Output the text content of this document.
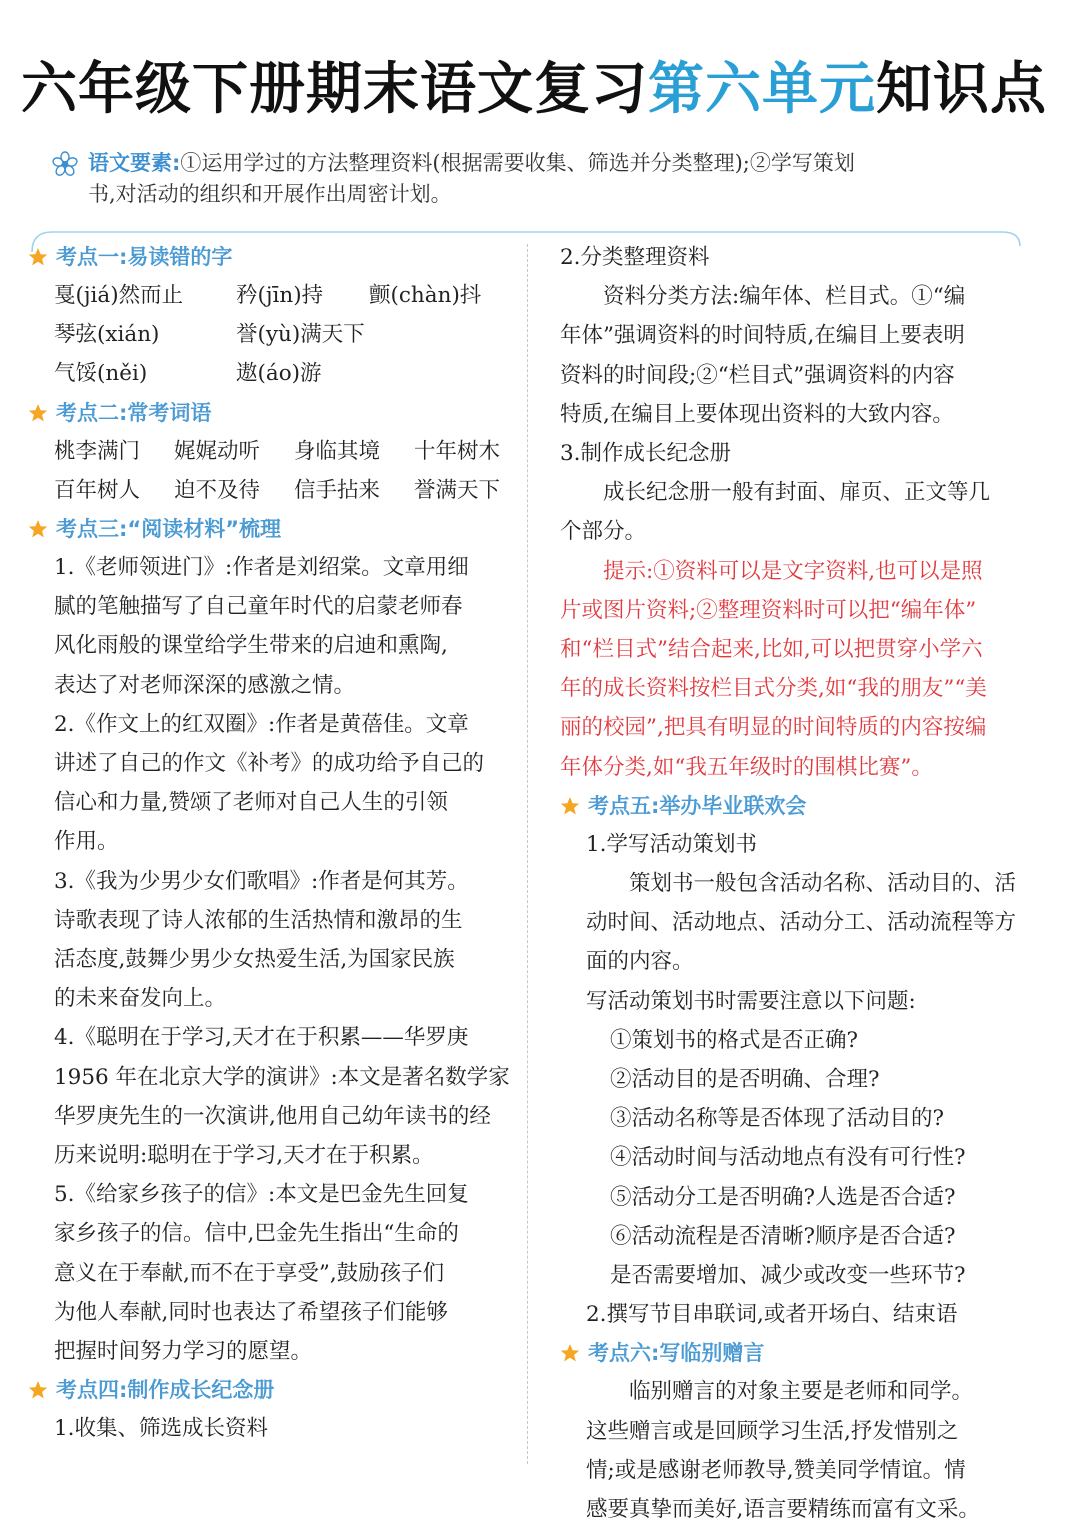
六年级下册期末语文复习第六单元知识点
语文要素:①运用学过的方法整理资料(根据需要收集、筛选并分类整理);②学写策划
书,对活动的组织和开展作出周密计划。
考点一:易读错的字
戛(jiá)然而止	矜(jīn)持	颤(chàn)抖
琴弦(xián)	誉(yù)满天下
气馁(něi)	遨(áo)游
考点二:常考词语
桃李满门	娓娓动听	身临其境	十年树木
百年树人	迫不及待	信手拈来	誉满天下
考点三:“阅读材料”梳理
1.《老师领进门》:作者是刘绍棠。文章用细
腻的笔触描写了自己童年时代的启蒙老师春
风化雨般的课堂给学生带来的启迪和熏陶,
表达了对老师深深的感激之情。
2.《作文上的红双圈》:作者是黄蓓佳。文章
讲述了自己的作文《补考》的成功给予自己的
信心和力量,赞颂了老师对自己人生的引领
作用。
3.《我为少男少女们歌唱》:作者是何其芳。
诗歌表现了诗人浓郁的生活热情和激昂的生
活态度,鼓舞少男少女热爱生活,为国家民族
的未来奋发向上。
4.《聪明在于学习,天才在于积累——华罗庚
1956 年在北京大学的演讲》:本文是著名数学家
华罗庚先生的一次演讲,他用自己幼年读书的经
历来说明:聪明在于学习,天才在于积累。
5.《给家乡孩子的信》:本文是巴金先生回复
家乡孩子的信。信中,巴金先生指出“生命的
意义在于奉献,而不在于享受”,鼓励孩子们
为他人奉献,同时也表达了希望孩子们能够
把握时间努力学习的愿望。
考点四:制作成长纪念册
1.收集、筛选成长资料
2.分类整理资料
资料分类方法:编年体、栏目式。①“编
年体”强调资料的时间特质,在编目上要表明
资料的时间段;②“栏目式”强调资料的内容
特质,在编目上要体现出资料的大致内容。
3.制作成长纪念册
成长纪念册一般有封面、扉页、正文等几
个部分。
提示:①资料可以是文字资料,也可以是照
片或图片资料;②整理资料时可以把“编年体”
和“栏目式”结合起来,比如,可以把贯穿小学六
年的成长资料按栏目式分类,如“我的朋友”“美
丽的校园”,把具有明显的时间特质的内容按编
年体分类,如“我五年级时的围棋比赛”。
考点五:举办毕业联欢会
1.学写活动策划书
策划书一般包含活动名称、活动目的、活
动时间、活动地点、活动分工、活动流程等方
面的内容。
写活动策划书时需要注意以下问题:
①策划书的格式是否正确?
②活动目的是否明确、合理?
③活动名称等是否体现了活动目的?
④活动时间与活动地点有没有可行性?
⑤活动分工是否明确?人选是否合适?
⑥活动流程是否清晰?顺序是否合适?
是否需要增加、减少或改变一些环节?
2.撰写节目串联词,或者开场白、结束语
考点六:写临别赠言
临别赠言的对象主要是老师和同学。
这些赠言或是回顾学习生活,抒发惜别之
情;或是感谢老师教导,赞美同学情谊。情
感要真挚而美好,语言要精练而富有文采。
